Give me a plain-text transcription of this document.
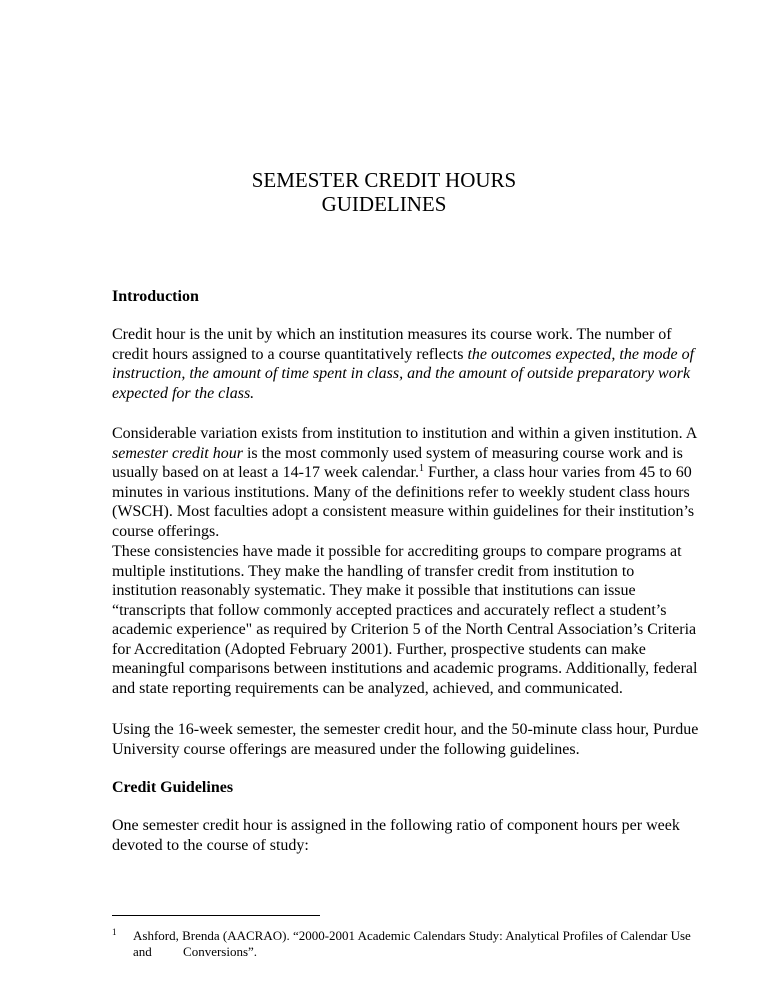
SEMESTER CREDIT HOURS
GUIDELINES

Introduction

Credit hour is the unit by which an institution measures its course work. The number of credit hours assigned to a course quantitatively reflects the outcomes expected, the mode of instruction, the amount of time spent in class, and the amount of outside preparatory work expected for the class.

Considerable variation exists from institution to institution and within a given institution. A semester credit hour is the most commonly used system of measuring course work and is usually based on at least a 14-17 week calendar.$^1$ Further, a class hour varies from 45 to 60 minutes in various institutions. Many of the definitions refer to weekly student class hours (WSCH). Most faculties adopt a consistent measure within guidelines for their institution’s course offerings.

These consistencies have made it possible for accrediting groups to compare programs at multiple institutions. They make the handling of transfer credit from institution to institution reasonably systematic. They make it possible that institutions can issue “transcripts that follow commonly accepted practices and accurately reflect a student’s academic experience" as required by Criterion 5 of the North Central Association’s Criteria for Accreditation (Adopted February 2001). Further, prospective students can make meaningful comparisons between institutions and academic programs. Additionally, federal and state reporting requirements can be analyzed, achieved, and communicated.

Using the 16-week semester, the semester credit hour, and the 50-minute class hour, Purdue University course offerings are measured under the following guidelines.

Credit Guidelines

One semester credit hour is assigned in the following ratio of component hours per week devoted to the course of study:

1 Ashford, Brenda (AACRAO). “2000-2001 Academic Calendars Study: Analytical Profiles of Calendar Use and Conversions”.
